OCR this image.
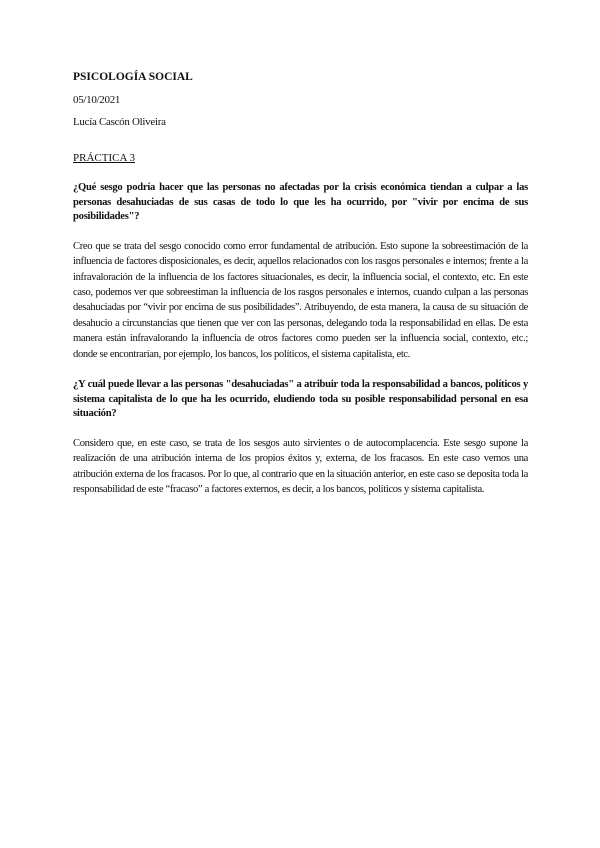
PSICOLOGÍA SOCIAL
05/10/2021
Lucía Cascón Oliveira
PRÁCTICA 3
¿Qué sesgo podría hacer que las personas no afectadas por la crisis económica tiendan a culpar a las personas desahuciadas de sus casas de todo lo que les ha ocurrido, por "vivir por encima de sus posibilidades"?
Creo que se trata del sesgo conocido como error fundamental de atribución. Esto supone la sobreestimación de la influencia de factores disposicionales, es decir, aquellos relacionados con los rasgos personales e internos; frente a la infravaloración de la influencia de los factores situacionales, es decir, la influencia social, el contexto, etc. En este caso, podemos ver que sobreestiman la influencia de los rasgos personales e internos, cuando culpan a las personas desahuciadas por “vivir por encima de sus posibilidades”. Atribuyendo, de esta manera, la causa de su situación de desahucio a circunstancias que tienen que ver con las personas, delegando toda la responsabilidad en ellas. De esta manera están infravalorando la influencia de otros factores como pueden ser la influencia social, contexto, etc.; donde se encontrarían, por ejemplo, los bancos, los políticos, el sistema capitalista, etc.
¿Y cuál puede llevar a las personas "desahuciadas" a atribuir toda la responsabilidad a bancos, políticos y sistema capitalista de lo que ha les ocurrido, eludiendo toda su posible responsabilidad personal en esa situación?
Considero que, en este caso, se trata de los sesgos auto sirvientes o de autocomplacencia. Este sesgo supone la realización de una atribución interna de los propios éxitos y, externa, de los fracasos. En este caso vemos una atribución externa de los fracasos. Por lo que, al contrario que en la situación anterior, en este caso se deposita toda la responsabilidad de este “fracaso” a factores externos, es decir, a los bancos, políticos y sistema capitalista.
